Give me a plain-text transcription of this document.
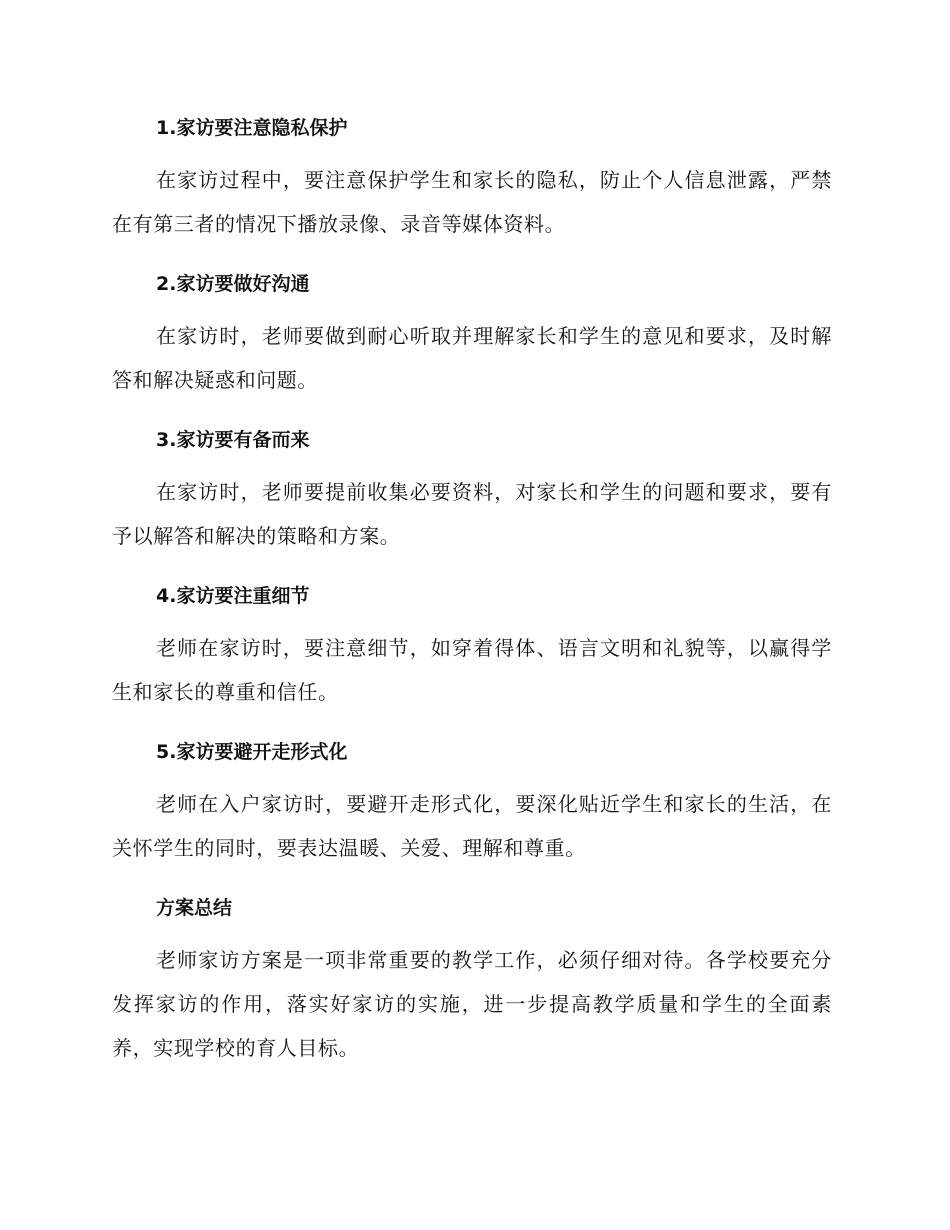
1.家访要注意隐私保护

在家访过程中，要注意保护学生和家长的隐私，防止个人信息泄露，严禁在有第三者的情况下播放录像、录音等媒体资料。

2.家访要做好沟通

在家访时，老师要做到耐心听取并理解家长和学生的意见和要求，及时解答和解决疑惑和问题。

3.家访要有备而来

在家访时，老师要提前收集必要资料，对家长和学生的问题和要求，要有予以解答和解决的策略和方案。

4.家访要注重细节

老师在家访时，要注意细节，如穿着得体、语言文明和礼貌等，以赢得学生和家长的尊重和信任。

5.家访要避开走形式化

老师在入户家访时，要避开走形式化，要深化贴近学生和家长的生活，在关怀学生的同时，要表达温暖、关爱、理解和尊重。

方案总结

老师家访方案是一项非常重要的教学工作，必须仔细对待。各学校要充分发挥家访的作用，落实好家访的实施，进一步提高教学质量和学生的全面素养，实现学校的育人目标。
